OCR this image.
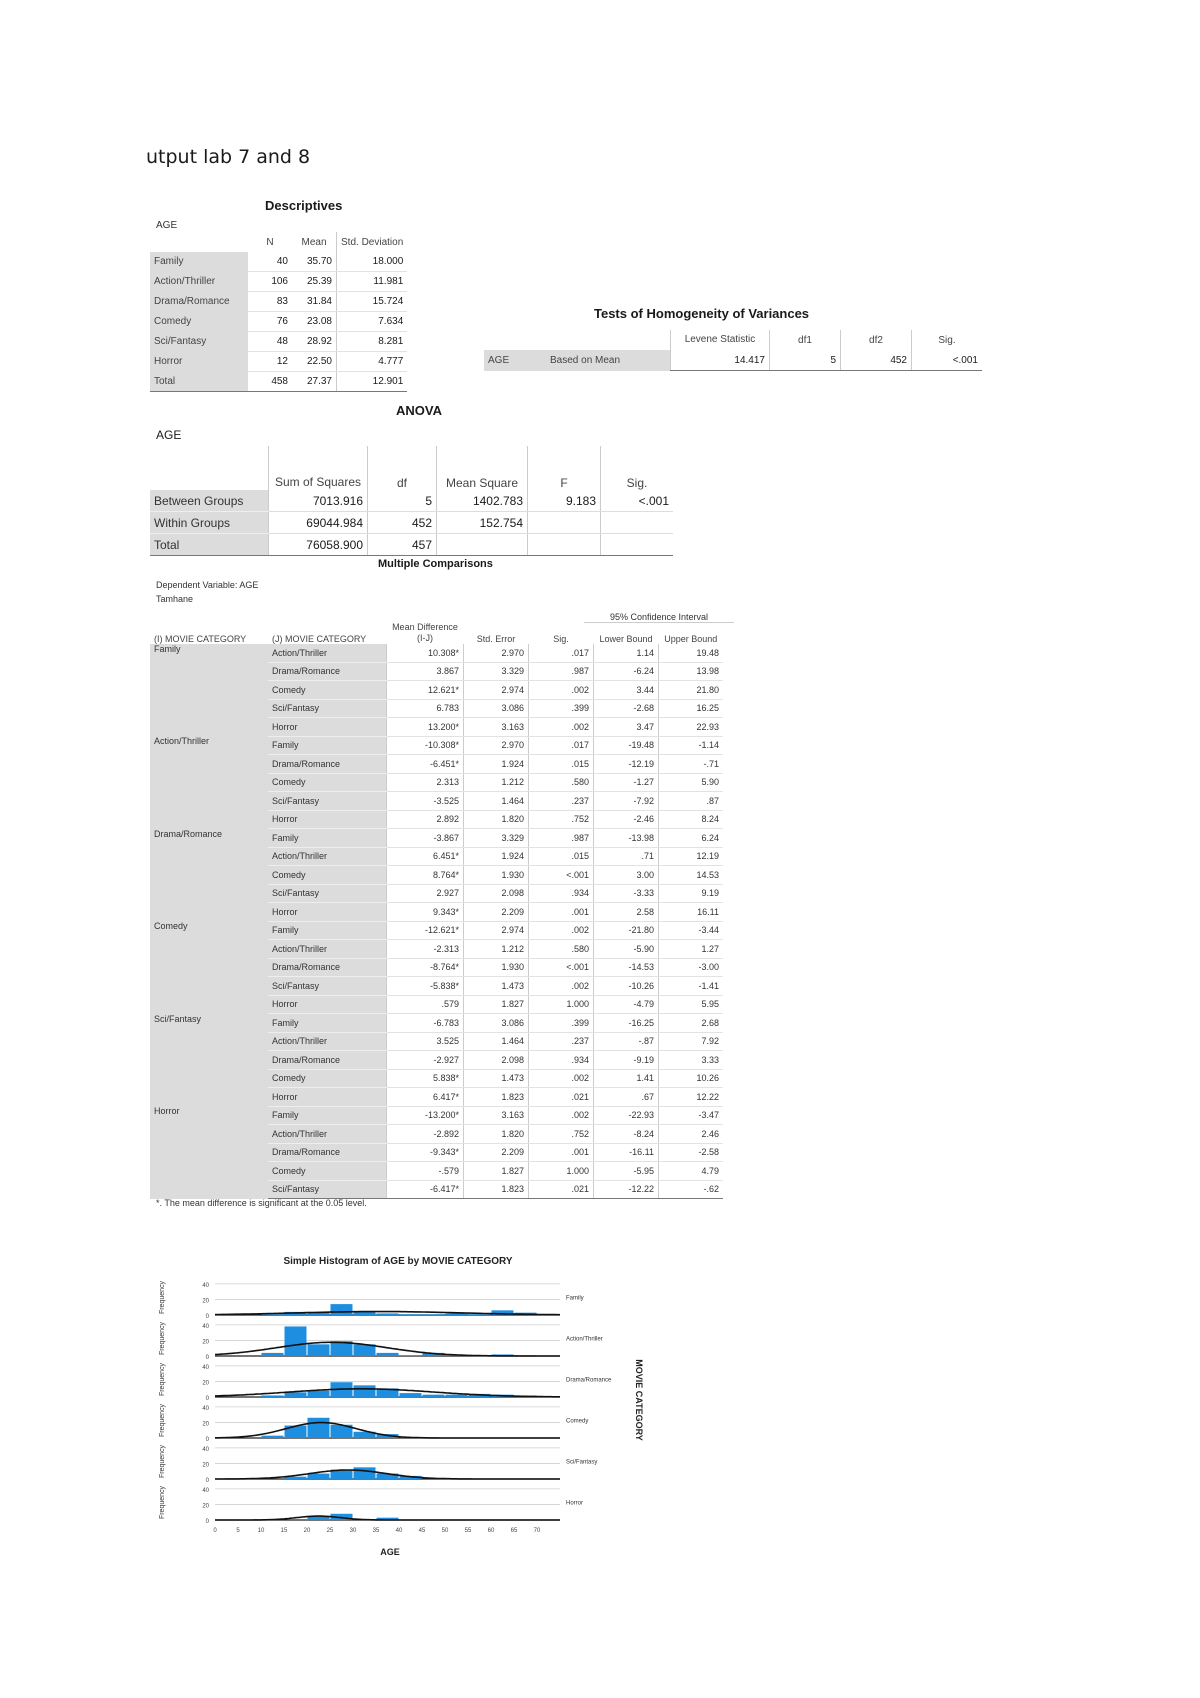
utput lab 7 and 8
Descriptives
AGE
	N	Mean	Std. Deviation
Family	40	35.70	18.000
Action/Thriller	106	25.39	11.981
Drama/Romance	83	31.84	15.724
Comedy	76	23.08	7.634
Sci/Fantasy	48	28.92	8.281
Horror	12	22.50	4.777
Total	458	27.37	12.901
Tests of Homogeneity of Variances
		Levene Statistic	df1	df2	Sig.
AGE	Based on Mean	14.417	5	452	<.001
ANOVA
AGE
	Sum of Squares	df	Mean Square	F	Sig.
Between Groups	7013.916	5	1402.783	9.183	<.001
Within Groups	69044.984	452	152.754		
Total	76058.900	457			
Multiple Comparisons
Dependent Variable: AGE
Tamhane
95% Confidence Interval
(I) MOVIE CATEGORY	(J) MOVIE CATEGORY	Mean Difference (I-J)	Std. Error	Sig.	Lower Bound	Upper Bound
Family	Action/Thriller	10.308*	2.970	.017	1.14	19.48
	Drama/Romance	3.867	3.329	.987	-6.24	13.98
	Comedy	12.621*	2.974	.002	3.44	21.80
	Sci/Fantasy	6.783	3.086	.399	-2.68	16.25
	Horror	13.200*	3.163	.002	3.47	22.93
Action/Thriller	Family	-10.308*	2.970	.017	-19.48	-1.14
	Drama/Romance	-6.451*	1.924	.015	-12.19	-.71
	Comedy	2.313	1.212	.580	-1.27	5.90
	Sci/Fantasy	-3.525	1.464	.237	-7.92	.87
	Horror	2.892	1.820	.752	-2.46	8.24
Drama/Romance	Family	-3.867	3.329	.987	-13.98	6.24
	Action/Thriller	6.451*	1.924	.015	.71	12.19
	Comedy	8.764*	1.930	<.001	3.00	14.53
	Sci/Fantasy	2.927	2.098	.934	-3.33	9.19
	Horror	9.343*	2.209	.001	2.58	16.11
Comedy	Family	-12.621*	2.974	.002	-21.80	-3.44
	Action/Thriller	-2.313	1.212	.580	-5.90	1.27
	Drama/Romance	-8.764*	1.930	<.001	-14.53	-3.00
	Sci/Fantasy	-5.838*	1.473	.002	-10.26	-1.41
	Horror	.579	1.827	1.000	-4.79	5.95
Sci/Fantasy	Family	-6.783	3.086	.399	-16.25	2.68
	Action/Thriller	3.525	1.464	.237	-.87	7.92
	Drama/Romance	-2.927	2.098	.934	-9.19	3.33
	Comedy	5.838*	1.473	.002	1.41	10.26
	Horror	6.417*	1.823	.021	.67	12.22
Horror	Family	-13.200*	3.163	.002	-22.93	-3.47
	Action/Thriller	-2.892	1.820	.752	-8.24	2.46
	Drama/Romance	-9.343*	2.209	.001	-16.11	-2.58
	Comedy	-.579	1.827	1.000	-5.95	4.79
	Sci/Fantasy	-6.417*	1.823	.021	-12.22	-.62
*. The mean difference is significant at the 0.05 level.
Simple Histogram of AGE by MOVIE CATEGORY
AGE
MOVIE CATEGORY
Frequency
0
20
40
Family
Frequency
0
20
40
Action/Thriller
Frequency
0
20
40
Drama/Romance
Frequency
0
20
40
Comedy
Frequency
0
20
40
Sci/Fantasy
Frequency
0
20
40
Horror
0	5	10	15	20	25	30	35	40	45	50	55	60	65	70
